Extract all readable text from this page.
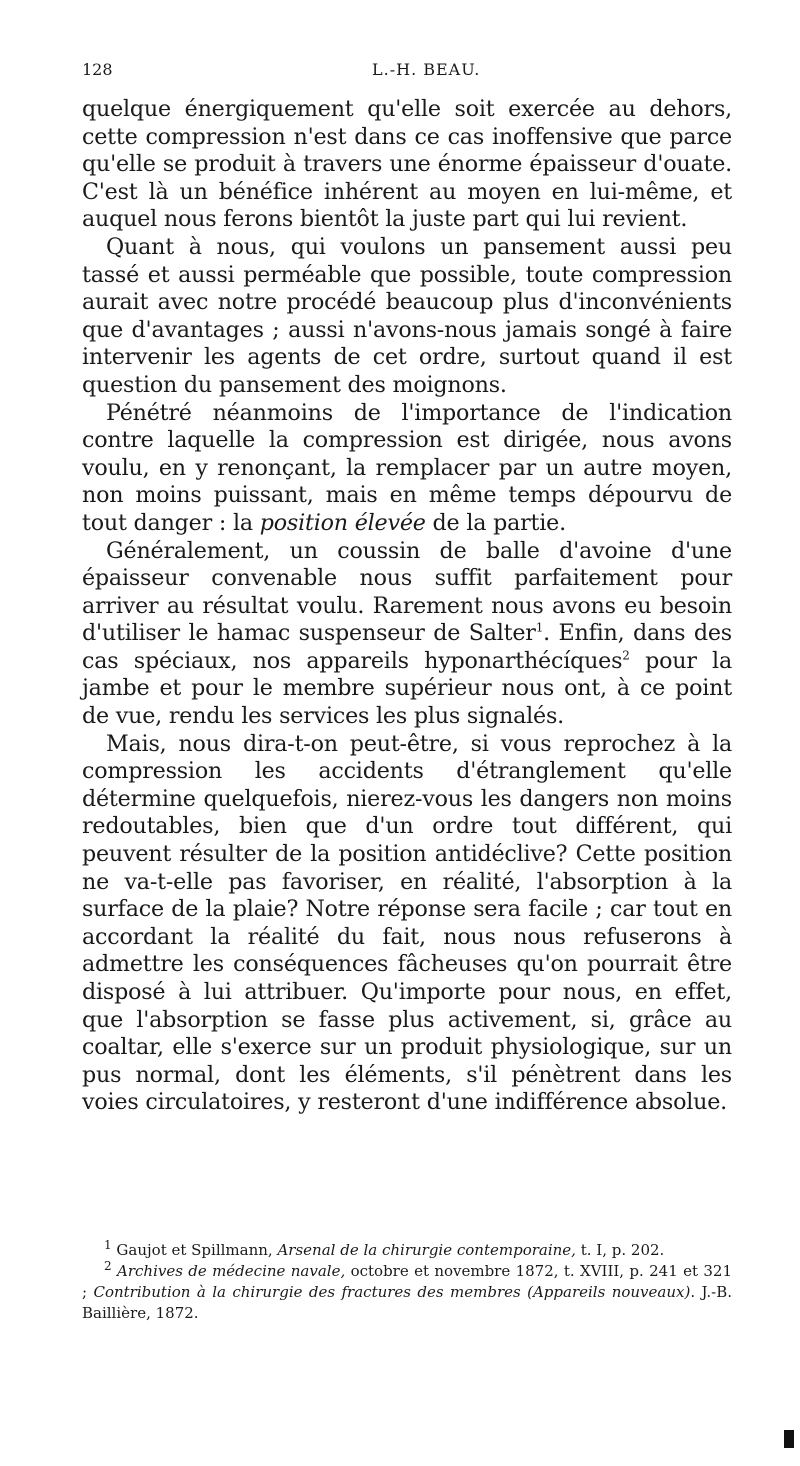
128	L.-H. BEAU.

quelque énergiquement qu'elle soit exercée au dehors, cette compression n'est dans ce cas inoffensive que parce qu'elle se produit à travers une énorme épaisseur d'ouate. C'est là un bénéfice inhérent au moyen en lui-même, et auquel nous ferons bientôt la juste part qui lui revient.

Quant à nous, qui voulons un pansement aussi peu tassé et aussi perméable que possible, toute compression aurait avec notre procédé beaucoup plus d'inconvénients que d'avantages ; aussi n'avons-nous jamais songé à faire intervenir les agents de cet ordre, surtout quand il est question du pansement des moignons.

Pénétré néanmoins de l'importance de l'indication contre laquelle la compression est dirigée, nous avons voulu, en y renonçant, la remplacer par un autre moyen, non moins puissant, mais en même temps dépourvu de tout danger : la position élevée de la partie.

Généralement, un coussin de balle d'avoine d'une épaisseur convenable nous suffit parfaitement pour arriver au résultat voulu. Rarement nous avons eu besoin d'utiliser le hamac suspenseur de Salter$^1$. Enfin, dans des cas spéciaux, nos appareils hyponarthécíques$^2$ pour la jambe et pour le membre supérieur nous ont, à ce point de vue, rendu les services les plus signalés.

Mais, nous dira-t-on peut-être, si vous reprochez à la compression les accidents d'étranglement qu'elle détermine quelquefois, nierez-vous les dangers non moins redoutables, bien que d'un ordre tout différent, qui peuvent résulter de la position antidéclive? Cette position ne va-t-elle pas favoriser, en réalité, l'absorption à la surface de la plaie? Notre réponse sera facile ; car tout en accordant la réalité du fait, nous nous refuserons à admettre les conséquences fâcheuses qu'on pourrait être disposé à lui attribuer. Qu'importe pour nous, en effet, que l'absorption se fasse plus activement, si, grâce au coaltar, elle s'exerce sur un produit physiologique, sur un pus normal, dont les éléments, s'il pénètrent dans les voies circulatoires, y resteront d'une indifférence absolue.

$^1$ Gaujot et Spillmann, Arsenal de la chirurgie contemporaine, t. I, p. 202.

$^2$ Archives de médecine navale, octobre et novembre 1872, t. XVIII, p. 241 et 321 ; Contribution à la chirurgie des fractures des membres (Appareils nouveaux). J.-B. Baillière, 1872.
